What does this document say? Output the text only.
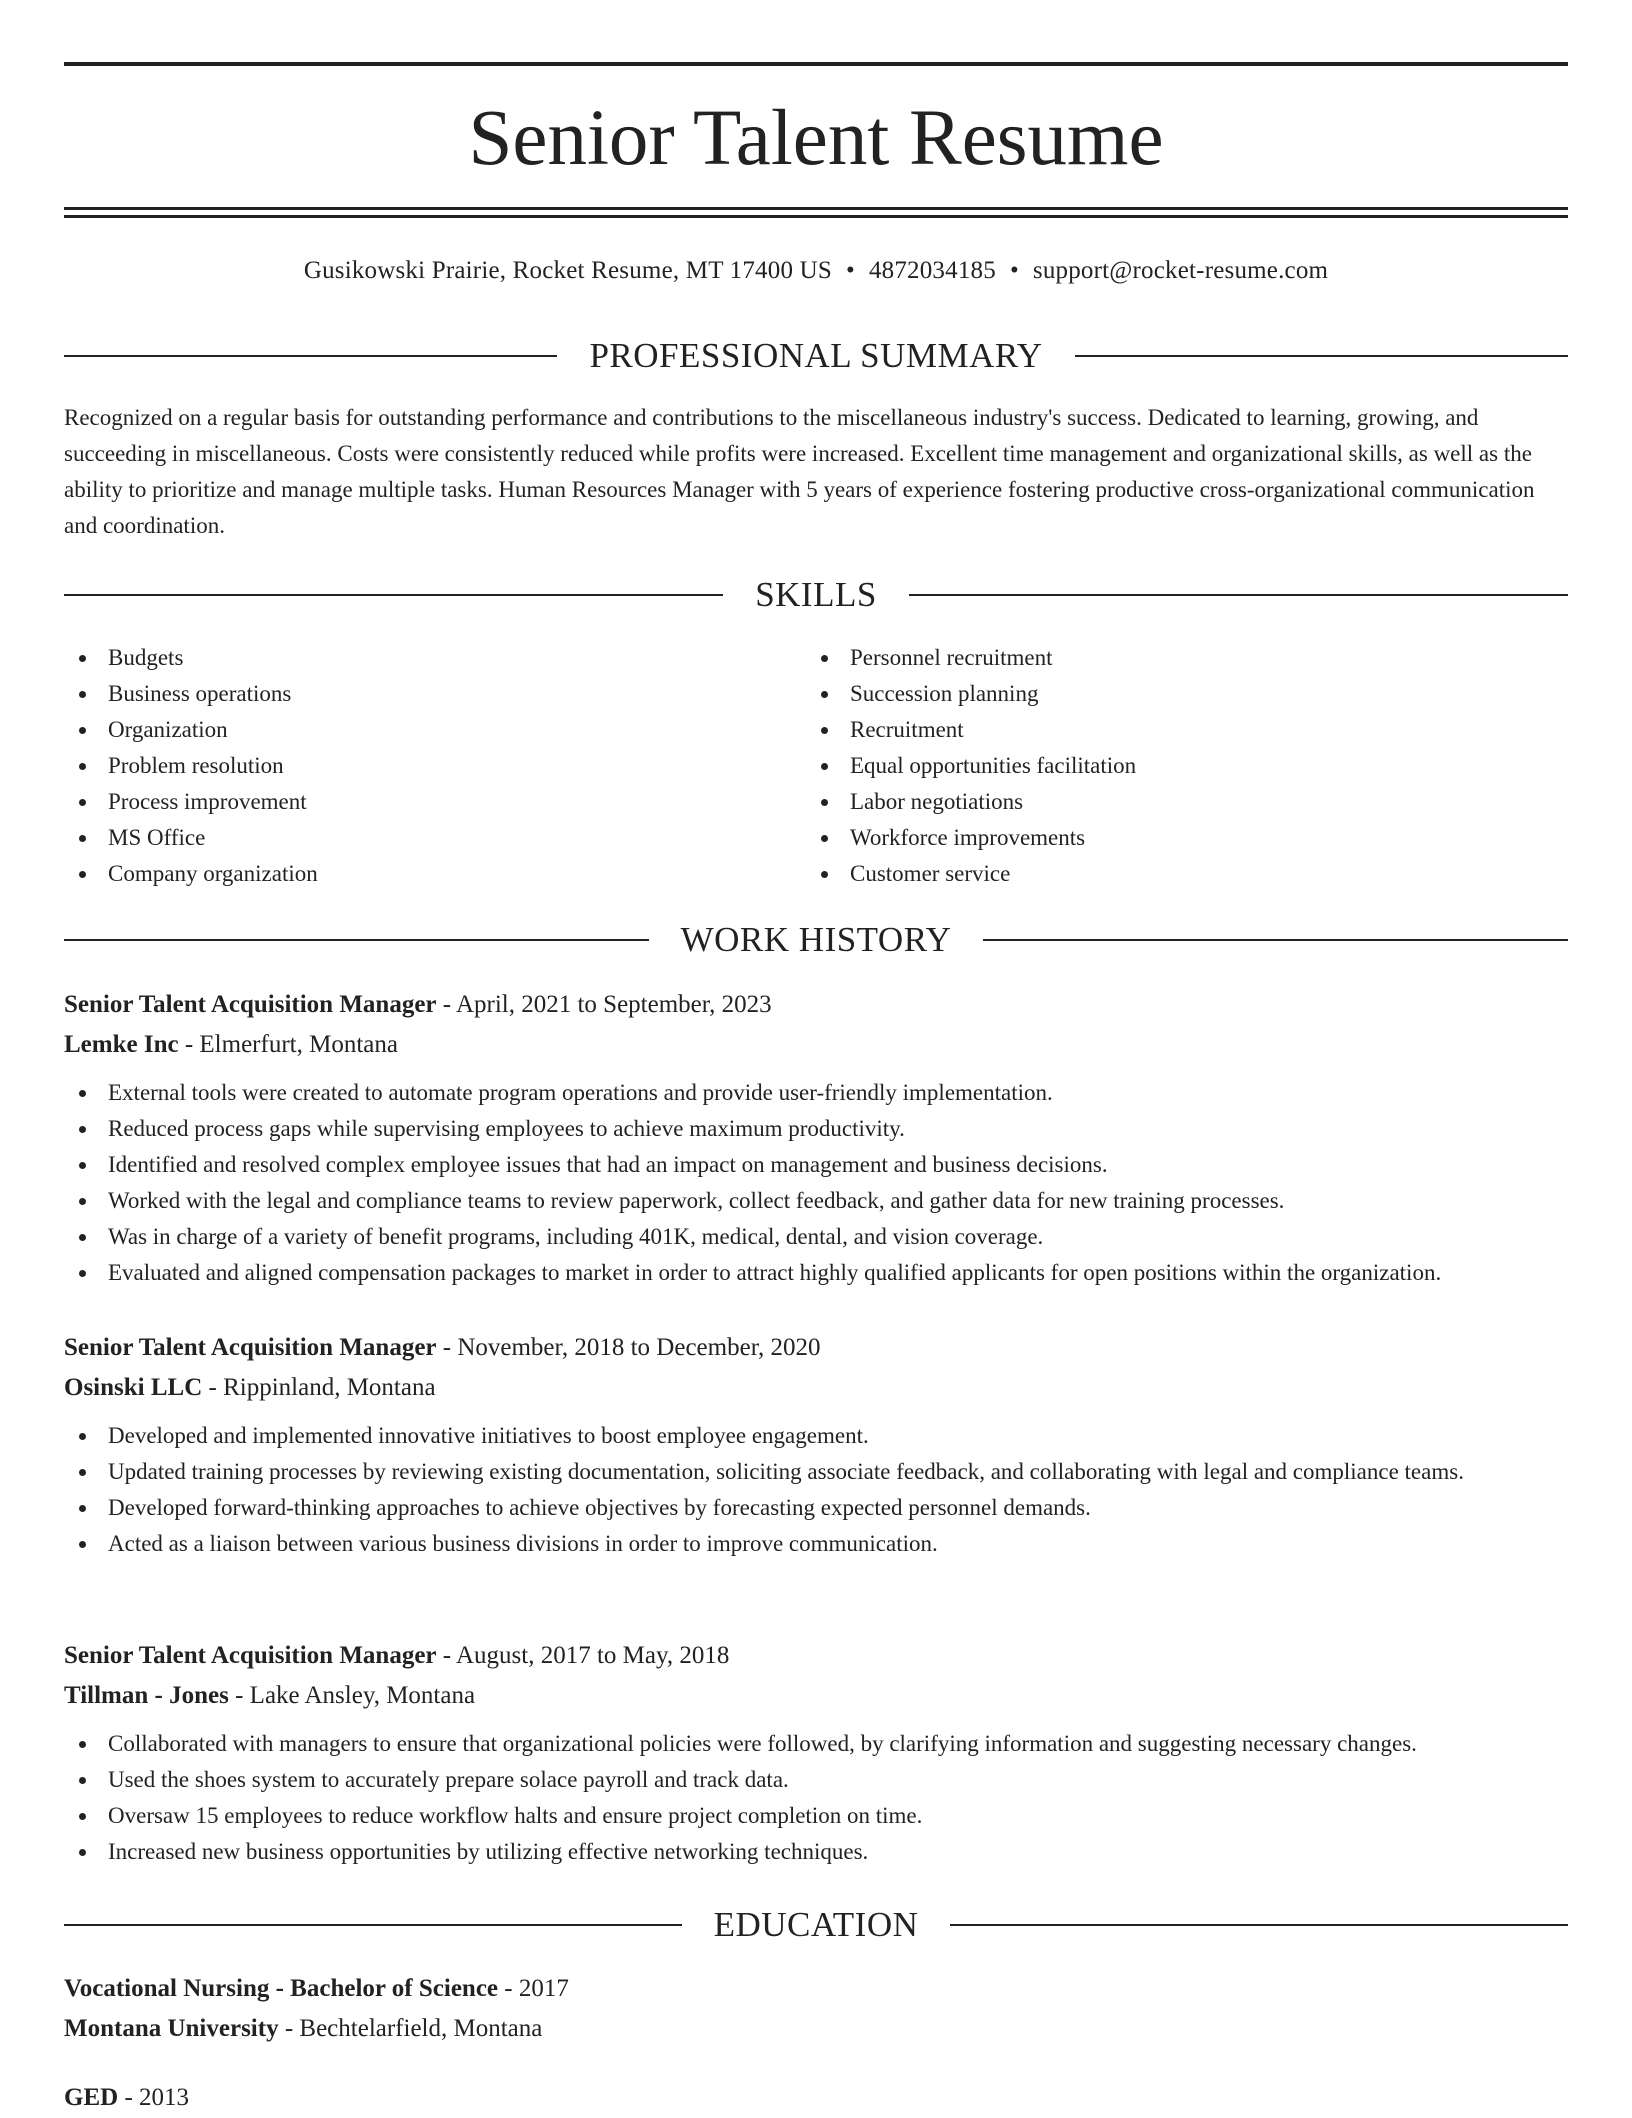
Senior Talent Resume
Gusikowski Prairie, Rocket Resume, MT 17400 US • 4872034185 • support@rocket-resume.com
PROFESSIONAL SUMMARY

Recognized on a regular basis for outstanding performance and contributions to the miscellaneous industry's success. Dedicated to learning, growing, and succeeding in miscellaneous. Costs were consistently reduced while profits were increased. Excellent time management and organizational skills, as well as the ability to prioritize and manage multiple tasks. Human Resources Manager with 5 years of experience fostering productive cross-organizational communication and coordination.

SKILLS
Budgets
Business operations
Organization
Problem resolution
Process improvement
MS Office
Company organization
Personnel recruitment
Succession planning
Recruitment
Equal opportunities facilitation
Labor negotiations
Workforce improvements
Customer service
WORK HISTORY
Senior Talent Acquisition Manager - April, 2021 to September, 2023
Lemke Inc - Elmerfurt, Montana
External tools were created to automate program operations and provide user-friendly implementation.
Reduced process gaps while supervising employees to achieve maximum productivity.
Identified and resolved complex employee issues that had an impact on management and business decisions.
Worked with the legal and compliance teams to review paperwork, collect feedback, and gather data for new training processes.
Was in charge of a variety of benefit programs, including 401K, medical, dental, and vision coverage.
Evaluated and aligned compensation packages to market in order to attract highly qualified applicants for open positions within the organization.
Senior Talent Acquisition Manager - November, 2018 to December, 2020
Osinski LLC - Rippinland, Montana
Developed and implemented innovative initiatives to boost employee engagement.
Updated training processes by reviewing existing documentation, soliciting associate feedback, and collaborating with legal and compliance teams.
Developed forward-thinking approaches to achieve objectives by forecasting expected personnel demands.
Acted as a liaison between various business divisions in order to improve communication.
Senior Talent Acquisition Manager - August, 2017 to May, 2018
Tillman - Jones - Lake Ansley, Montana
Collaborated with managers to ensure that organizational policies were followed, by clarifying information and suggesting necessary changes.
Used the shoes system to accurately prepare solace payroll and track data.
Oversaw 15 employees to reduce workflow halts and ensure project completion on time.
Increased new business opportunities by utilizing effective networking techniques.
EDUCATION
Vocational Nursing - Bachelor of Science - 2017
Montana University - Bechtelarfield, Montana
GED - 2013
